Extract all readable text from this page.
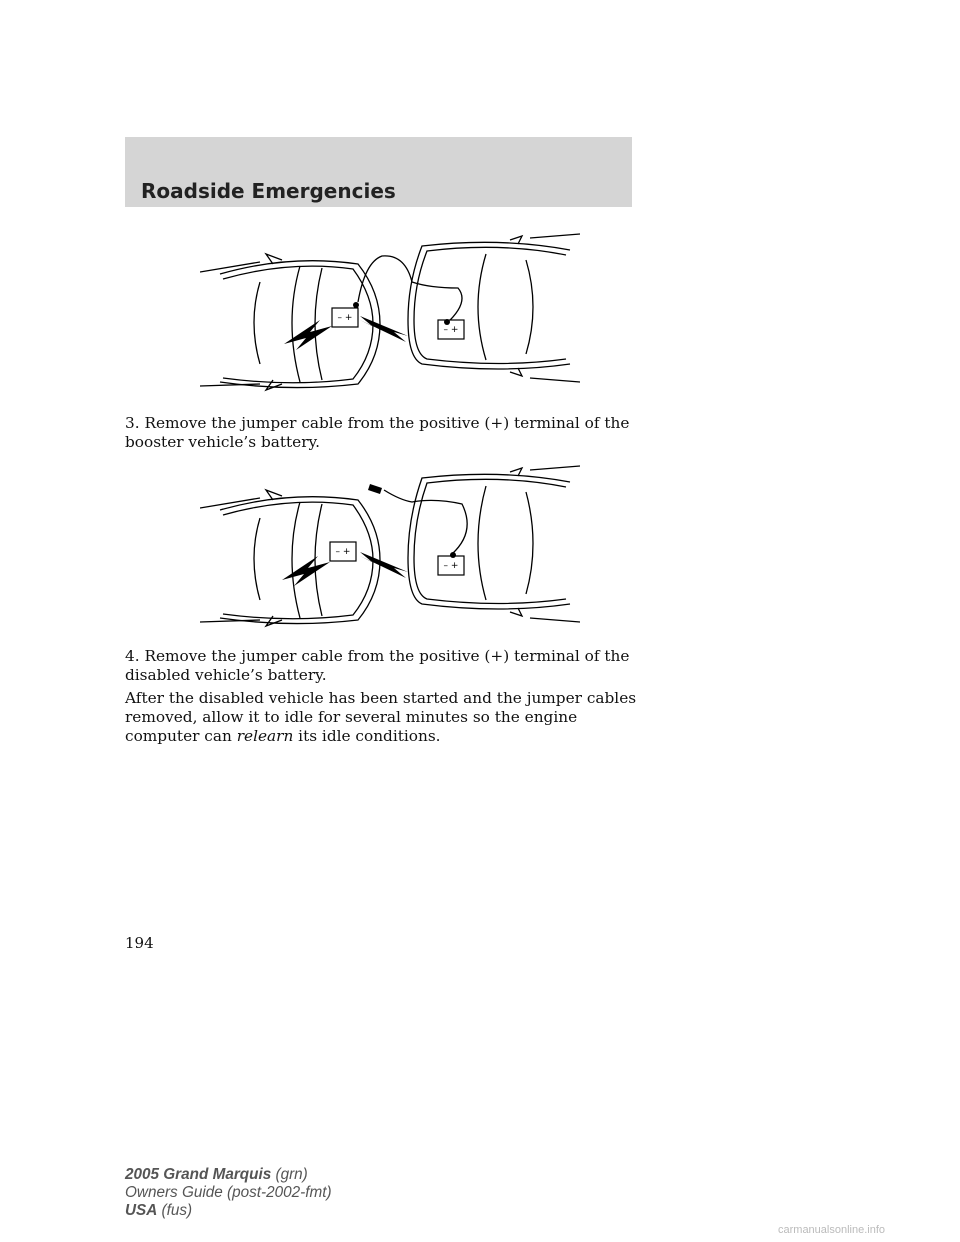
Roadside Emergencies
– +
– +

3. Remove the jumper cable from the positive (+) terminal of the booster vehicle’s battery.

– +
– +

4. Remove the jumper cable from the positive (+) terminal of the disabled vehicle’s battery.

After the disabled vehicle has been started and the jumper cables removed, allow it to idle for several minutes so the engine computer can relearn its idle conditions.

194
2005 Grand Marquis (grn)
Owners Guide (post-2002-fmt)
USA (fus)
carmanualsonline.info
